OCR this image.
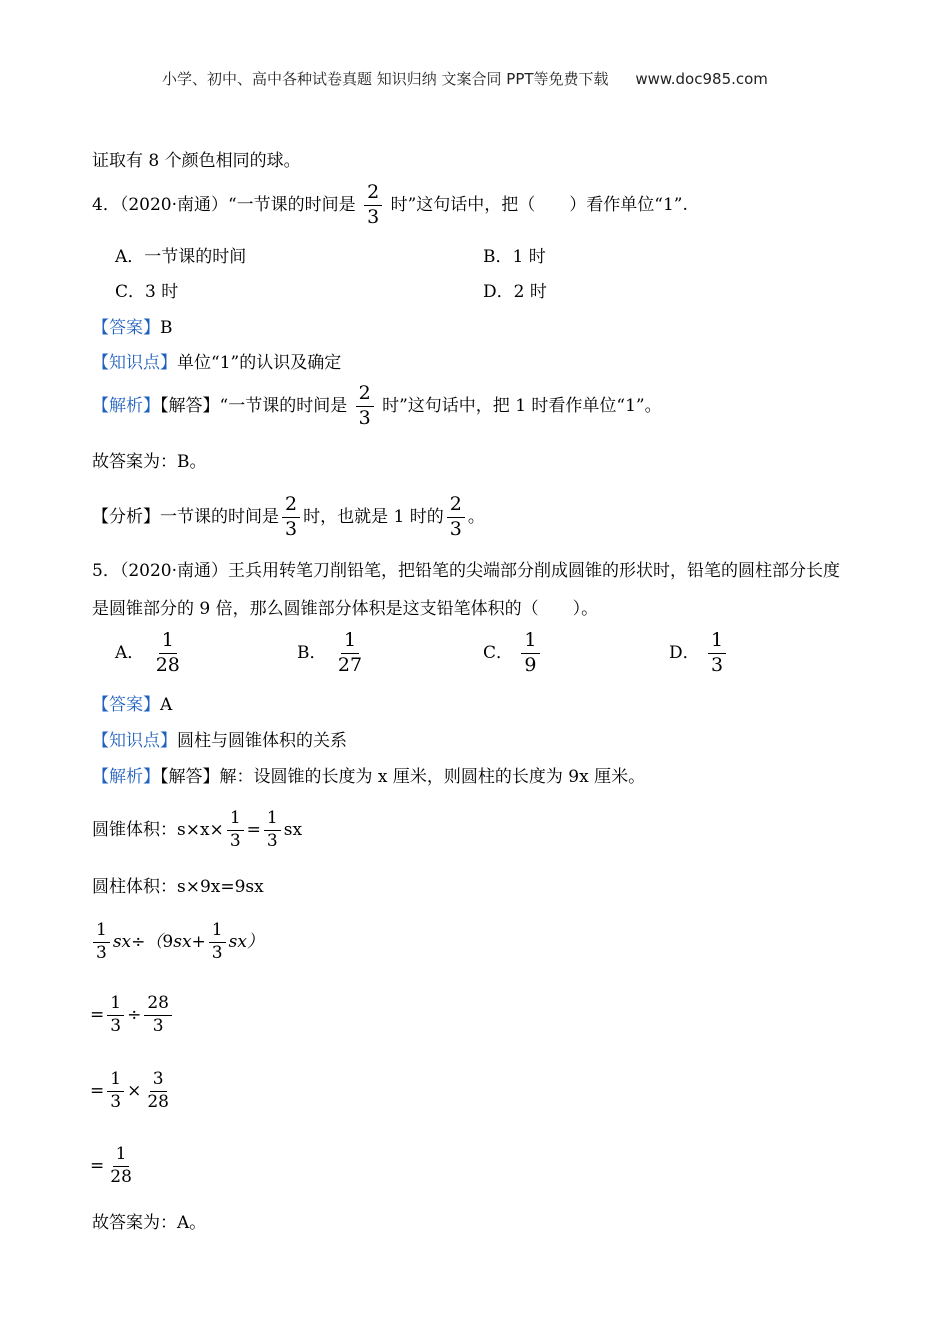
小学、初中、高中各种试卷真题 知识归纳 文案合同 PPT等免费下载 www.doc985.com
证取有 8 个颜色相同的球。
4．（2020·南通）“一节课的时间是 $\frac{2}{3}$ 时”这句话中，把（　　）看作单位“1”.
A．一节课的时间	B．1 时
C．3 时	D．2 时
【答案】B
【知识点】单位“1”的认识及确定
【解析】【解答】“一节课的时间是 $\frac{2}{3}$ 时”这句话中，把 1 时看作单位“1”。
故答案为：B。
【分析】一节课的时间是 $\frac{2}{3}$ 时，也就是 1 时的 $\frac{2}{3}$ 。
5．（2020·南通）王兵用转笔刀削铅笔，把铅笔的尖端部分削成圆锥的形状时，铅笔的圆柱部分长度
是圆锥部分的 9 倍，那么圆锥部分体积是这支铅笔体积的（　　）。
A． $\frac{1}{28}$	B． $\frac{1}{27}$	C． $\frac{1}{9}$	D． $\frac{1}{3}$
【答案】A
【知识点】圆柱与圆锥体积的关系
【解析】【解答】解：设圆锥的长度为 x 厘米，则圆柱的长度为 9x 厘米。
圆锥体积：$s\times x\times \frac{1}{3} = \frac{1}{3}$ sx
圆柱体积：s×9x=9sx
$\frac{1}{3} sx\div(9sx+ \frac{1}{3} sx)$
= $\frac{1}{3} \div \frac{28}{3}$
= $\frac{1}{3} \times \frac{3}{28}$
= $\frac{1}{28}$
故答案为：A。
